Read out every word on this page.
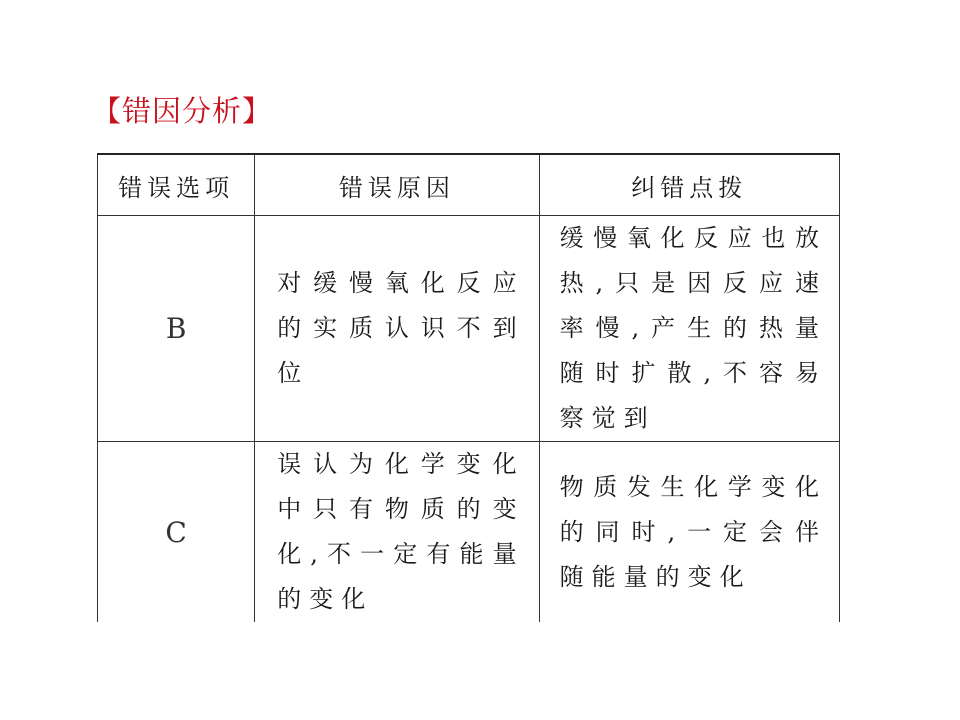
【错因分析】
错误选项	错误原因	纠错点拨
B	对缓慢氧化反应的实质认识不到位	缓慢氧化反应也放热,只是因反应速率慢,产生的热量随时扩散,不容易察觉到
C	误认为化学变化中只有物质的变化,不一定有能量的变化	物质发生化学变化的同时,一定会伴随能量的变化
